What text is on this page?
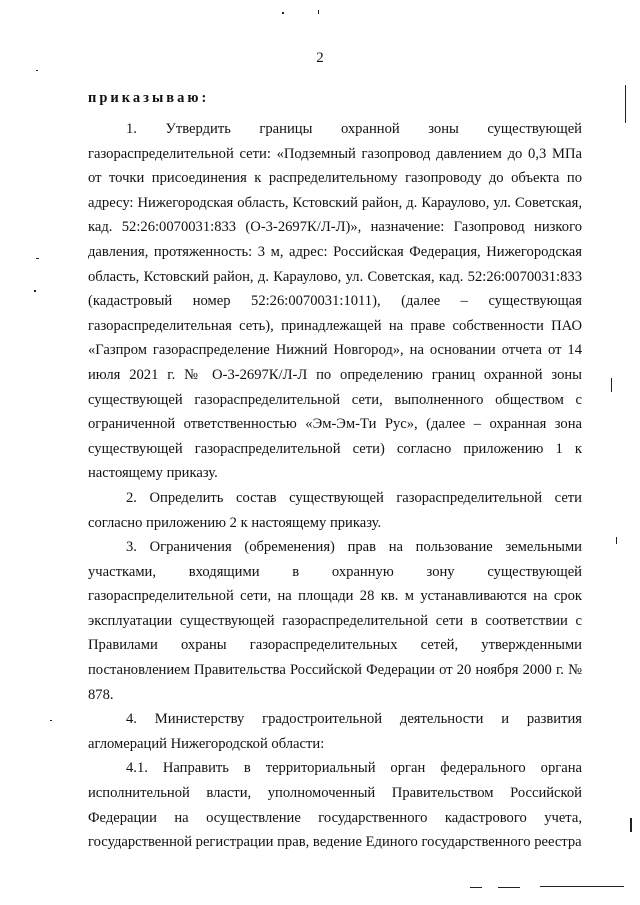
2
приказываю:

1. Утвердить границы охранной зоны существующей газораспределительной сети: «Подземный газопровод давлением до 0,3 МПа от точки присоединения к распределительному газопроводу до объекта по адресу: Нижегородская область, Кстовский район, д. Караулово, ул. Советская, кад. 52:26:0070031:833 (О-3-2697К/Л-Л)», назначение: Газопровод низкого давления, протяженность: 3 м, адрес: Российская Федерация, Нижегородская область, Кстовский район, д. Караулово, ул. Советская, кад. 52:26:0070031:833 (кадастровый номер 52:26:0070031:1011), (далее – существующая газораспределительная сеть), принадлежащей на праве собственности ПАО «Газпром газораспределение Нижний Новгород», на основании отчета от 14 июля 2021 г. № О-3-2697К/Л-Л по определению границ охранной зоны существующей газораспределительной сети, выполненного обществом с ограниченной ответственностью «Эм-Эм-Ти Рус», (далее – охранная зона существующей газораспределительной сети) согласно приложению 1 к настоящему приказу.

2. Определить состав существующей газораспределительной сети согласно приложению 2 к настоящему приказу.

3. Ограничения (обременения) прав на пользование земельными участками, входящими в охранную зону существующей газораспределительной сети, на площади 28 кв. м устанавливаются на срок эксплуатации существующей газораспределительной сети в соответствии с Правилами охраны газораспределительных сетей, утвержденными постановлением Правительства Российской Федерации от 20 ноября 2000 г. № 878.

4. Министерству градостроительной деятельности и развития агломераций Нижегородской области:

4.1. Направить в территориальный орган федерального органа исполнительной власти, уполномоченный Правительством Российской Федерации на осуществление государственного кадастрового учета, государственной регистрации прав, ведение Единого государственного реестра
